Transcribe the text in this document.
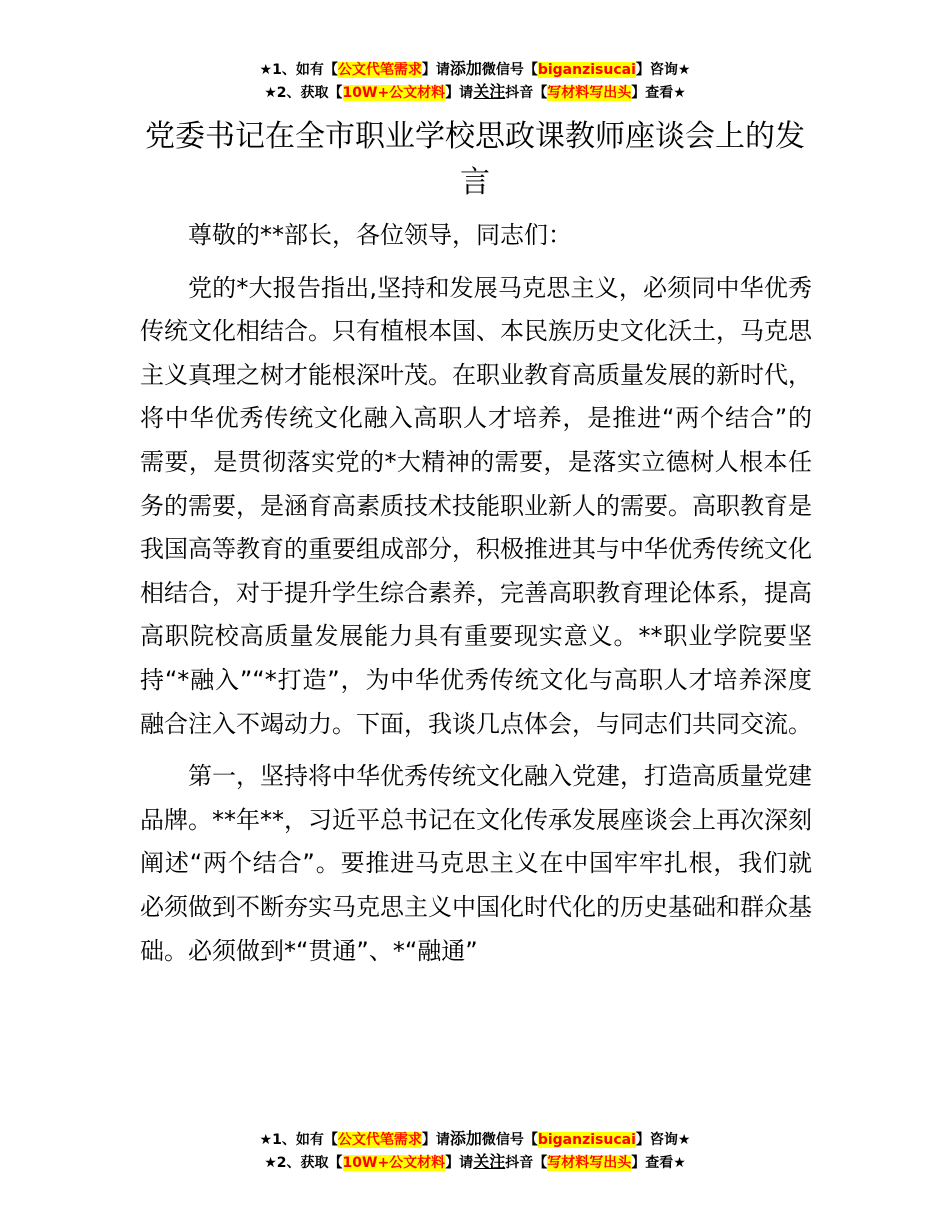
★1、如有【公文代笔需求】请添加微信号【biganzisucai】咨询★
★2、获取【10W+公文材料】请关注抖音【写材料写出头】查看★
党委书记在全市职业学校思政课教师座谈会上的发言

尊敬的**部长，各位领导，同志们：

党的*大报告指出,坚持和发展马克思主义，必须同中华优秀传统文化相结合。只有植根本国、本民族历史文化沃土，马克思主义真理之树才能根深叶茂。在职业教育高质量发展的新时代，将中华优秀传统文化融入高职人才培养，是推进“两个结合”的需要，是贯彻落实党的*大精神的需要，是落实立德树人根本任务的需要，是涵育高素质技术技能职业新人的需要。高职教育是我国高等教育的重要组成部分，积极推进其与中华优秀传统文化相结合，对于提升学生综合素养，完善高职教育理论体系，提高高职院校高质量发展能力具有重要现实意义。**职业学院要坚持“*融入”“*打造”，为中华优秀传统文化与高职人才培养深度融合注入不竭动力。下面，我谈几点体会，与同志们共同交流。

第一，坚持将中华优秀传统文化融入党建，打造高质量党建品牌。**年**，习近平总书记在文化传承发展座谈会上再次深刻阐述“两个结合”。要推进马克思主义在中国牢牢扎根，我们就必须做到不断夯实马克思主义中国化时代化的历史基础和群众基础。必须做到*“贯通”、*“融通”

★1、如有【公文代笔需求】请添加微信号【biganzisucai】咨询★
★2、获取【10W+公文材料】请关注抖音【写材料写出头】查看★
